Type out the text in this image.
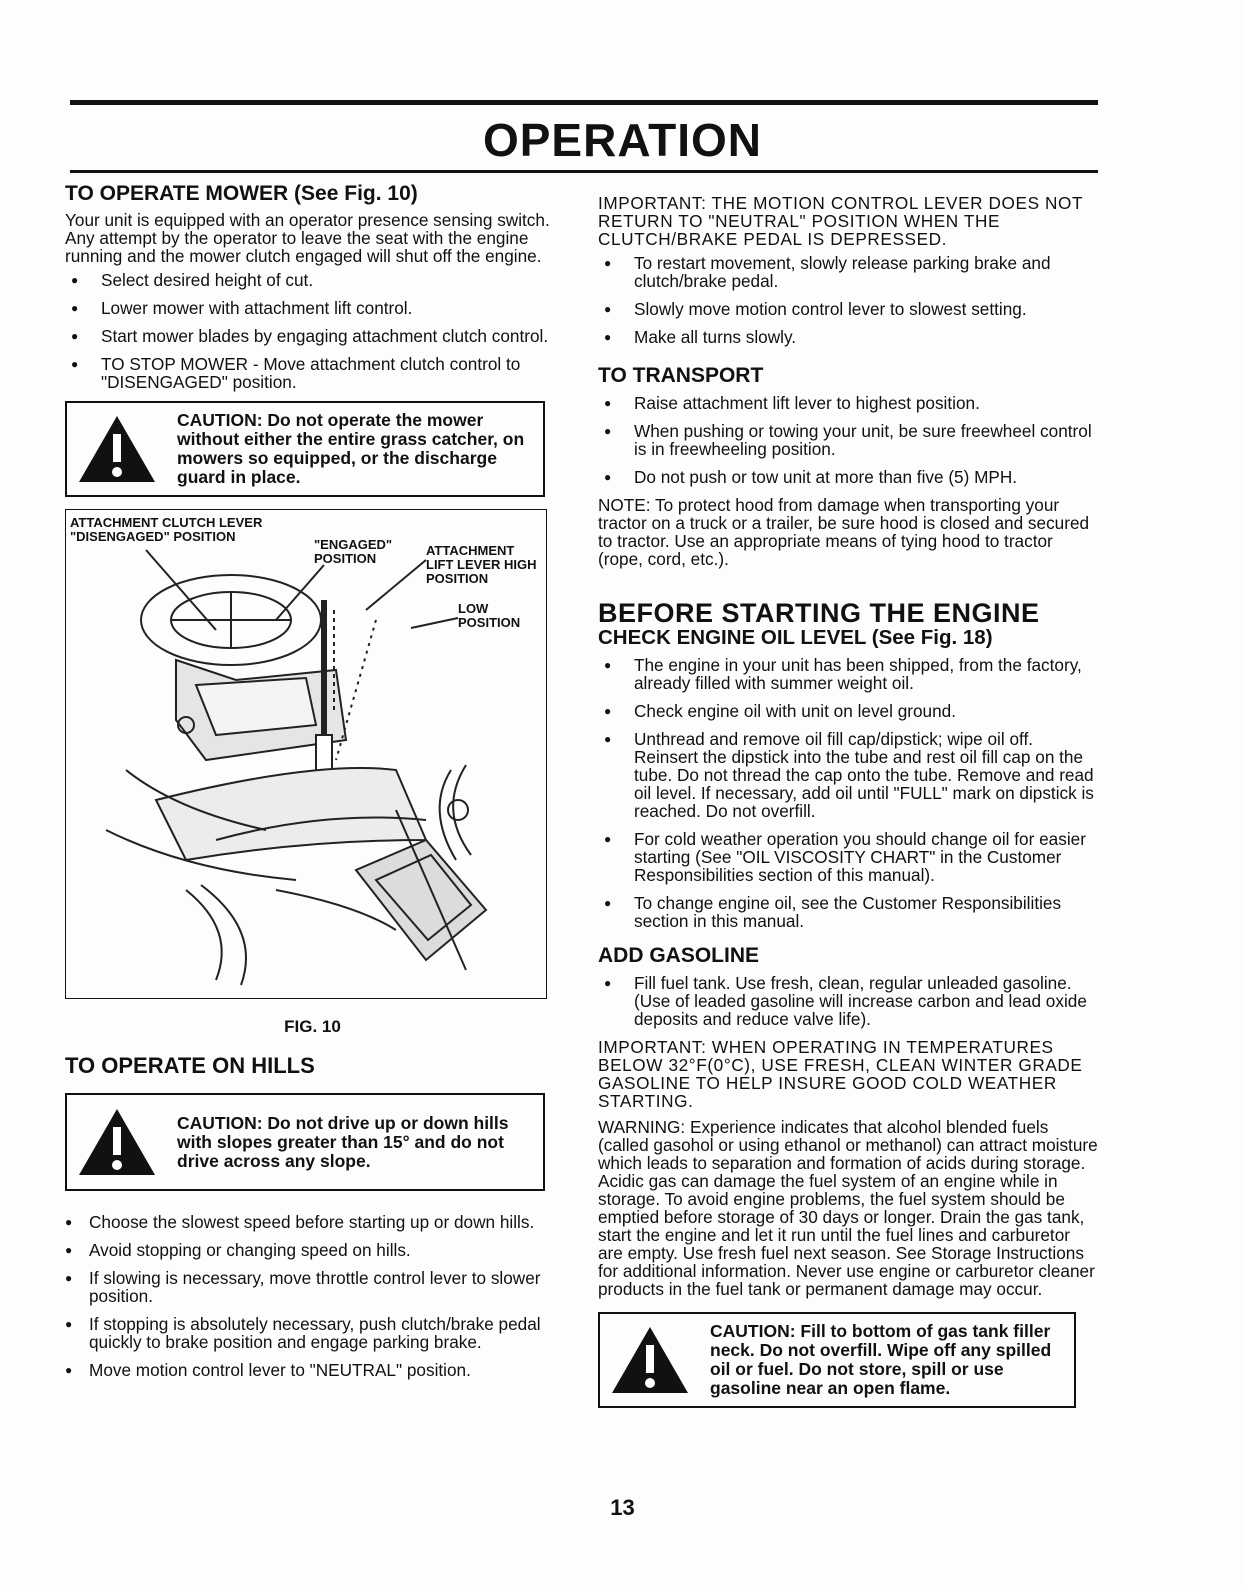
OPERATION
TO OPERATE MOWER (See Fig. 10)

Your unit is equipped with an operator presence sensing switch. Any attempt by the operator to leave the seat with the engine running and the mower clutch engaged will shut off the engine.

● Select desired height of cut.
● Lower mower with attachment lift control.
● Start mower blades by engaging attachment clutch control.
● TO STOP MOWER - Move attachment clutch control to "DISENGAGED" position.
CAUTION: Do not operate the mower without either the entire grass catcher, on mowers so equipped, or the discharge guard in place.
ATTACHMENT CLUTCH LEVER
"DISENGAGED" POSITION
"ENGAGED" POSITION
ATTACHMENT LIFT LEVER HIGH POSITION
LOW POSITION
FIG. 10
TO OPERATE ON HILLS
CAUTION: Do not drive up or down hills with slopes greater than 15° and do not drive across any slope.
● Choose the slowest speed before starting up or down hills.
● Avoid stopping or changing speed on hills.
● If slowing is necessary, move throttle control lever to slower position.
● If stopping is absolutely necessary, push clutch/brake pedal quickly to brake position and engage parking brake.
● Move motion control lever to "NEUTRAL" position.

IMPORTANT: THE MOTION CONTROL LEVER DOES NOT RETURN TO "NEUTRAL" POSITION WHEN THE CLUTCH/BRAKE PEDAL IS DEPRESSED.

● To restart movement, slowly release parking brake and clutch/brake pedal.
● Slowly move motion control lever to slowest setting.
● Make all turns slowly.
TO TRANSPORT
● Raise attachment lift lever to highest position.
● When pushing or towing your unit, be sure freewheel control is in freewheeling position.
● Do not push or tow unit at more than five (5) MPH.

NOTE: To protect hood from damage when transporting your tractor on a truck or a trailer, be sure hood is closed and secured to tractor. Use an appropriate means of tying hood to tractor (rope, cord, etc.).

BEFORE STARTING THE ENGINE
CHECK ENGINE OIL LEVEL (See Fig. 18)
● The engine in your unit has been shipped, from the factory, already filled with summer weight oil.
● Check engine oil with unit on level ground.
● Unthread and remove oil fill cap/dipstick; wipe oil off. Reinsert the dipstick into the tube and rest oil fill cap on the tube. Do not thread the cap onto the tube. Remove and read oil level. If necessary, add oil until "FULL" mark on dipstick is reached. Do not overfill.
● For cold weather operation you should change oil for easier starting (See "OIL VISCOSITY CHART" in the Customer Responsibilities section of this manual).
● To change engine oil, see the Customer Responsibilities section in this manual.
ADD GASOLINE
● Fill fuel tank. Use fresh, clean, regular unleaded gasoline. (Use of leaded gasoline will increase carbon and lead oxide deposits and reduce valve life).

IMPORTANT: WHEN OPERATING IN TEMPERATURES BELOW 32°F(0°C), USE FRESH, CLEAN WINTER GRADE GASOLINE TO HELP INSURE GOOD COLD WEATHER STARTING.

WARNING: Experience indicates that alcohol blended fuels (called gasohol or using ethanol or methanol) can attract moisture which leads to separation and formation of acids during storage. Acidic gas can damage the fuel system of an engine while in storage. To avoid engine problems, the fuel system should be emptied before storage of 30 days or longer. Drain the gas tank, start the engine and let it run until the fuel lines and carburetor are empty. Use fresh fuel next season. See Storage Instructions for additional information. Never use engine or carburetor cleaner products in the fuel tank or permanent damage may occur.

CAUTION: Fill to bottom of gas tank filler neck. Do not overfill. Wipe off any spilled oil or fuel. Do not store, spill or use gasoline near an open flame.
13
